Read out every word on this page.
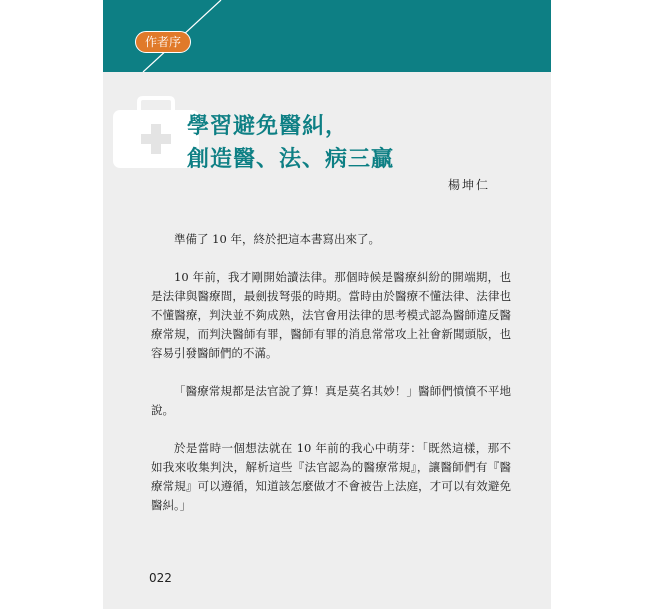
作者序
學習避免醫糾，
創造醫、法、病三贏
楊坤仁

準備了 10 年，終於把這本書寫出來了。

10 年前，我才剛開始讀法律。那個時候是醫療糾紛的開端期，也是法律與醫療間，最劍拔弩張的時期。當時由於醫療不懂法律、法律也不懂醫療，判決並不夠成熟，法官會用法律的思考模式認為醫師違反醫療常規，而判決醫師有罪，醫師有罪的消息常常攻上社會新聞頭版，也容易引發醫師們的不滿。

「醫療常規都是法官說了算！真是莫名其妙！」醫師們憤憤不平地說。

於是當時一個想法就在 10 年前的我心中萌芽：「既然這樣，那不如我來收集判決，解析這些『法官認為的醫療常規』，讓醫師們有『醫療常規』可以遵循，知道該怎麼做才不會被告上法庭，才可以有效避免醫糾。」

022
